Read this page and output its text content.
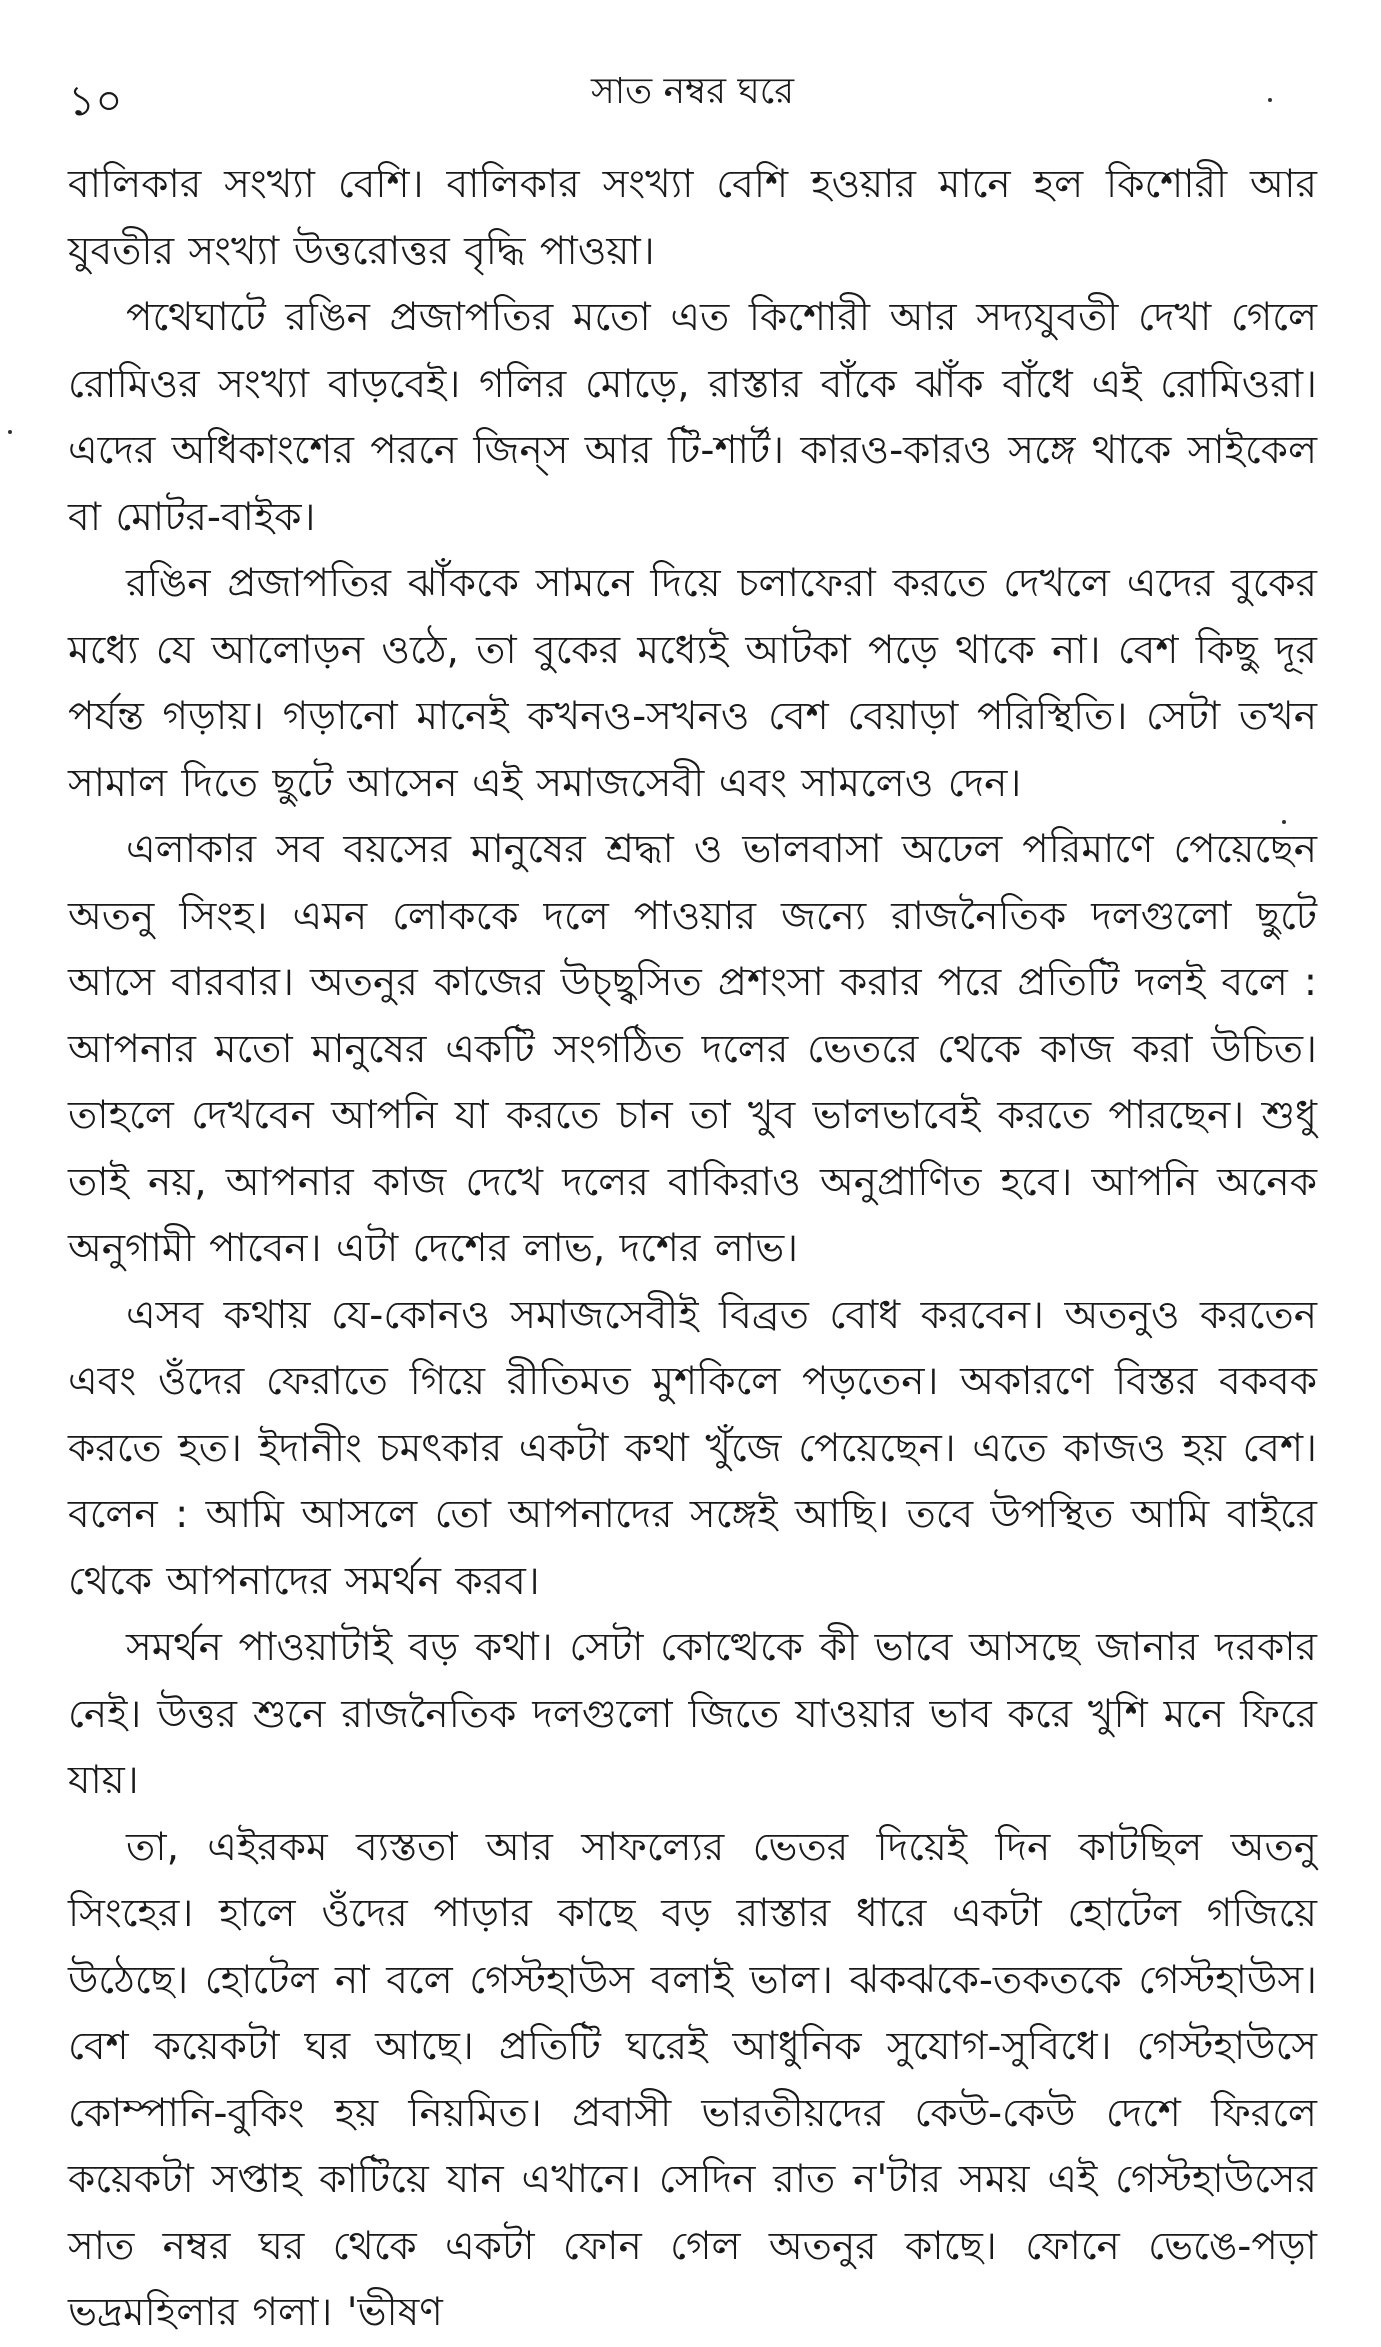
১০	সাত নম্বর ঘরে

বালিকার সংখ্যা বেশি। বালিকার সংখ্যা বেশি হওয়ার মানে হল কিশোরী আর যুবতীর সংখ্যা উত্তরোত্তর বৃদ্ধি পাওয়া।

পথেঘাটে রঙিন প্রজাপতির মতো এত কিশোরী আর সদ্যযুবতী দেখা গেলে রোমিওর সংখ্যা বাড়বেই। গলির মোড়ে, রাস্তার বাঁকে ঝাঁক বাঁধে এই রোমিওরা। এদের অধিকাংশের পরনে জিন্‌স আর টি-শার্ট। কারও-কারও সঙ্গে থাকে সাইকেল বা মোটর-বাইক।

রঙিন প্রজাপতির ঝাঁককে সামনে দিয়ে চলাফেরা করতে দেখলে এদের বুকের মধ্যে যে আলোড়ন ওঠে, তা বুকের মধ্যেই আটকা পড়ে থাকে না। বেশ কিছু দূর পর্যন্ত গড়ায়। গড়ানো মানেই কখনও-সখনও বেশ বেয়াড়া পরিস্থিতি। সেটা তখন সামাল দিতে ছুটে আসেন এই সমাজসেবী এবং সামলেও দেন।

এলাকার সব বয়সের মানুষের শ্রদ্ধা ও ভালবাসা অঢেল পরিমাণে পেয়েছেন অতনু সিংহ। এমন লোককে দলে পাওয়ার জন্যে রাজনৈতিক দলগুলো ছুটে আসে বারবার। অতনুর কাজের উচ্ছ্বসিত প্রশংসা করার পরে প্রতিটি দলই বলে : আপনার মতো মানুষের একটি সংগঠিত দলের ভেতরে থেকে কাজ করা উচিত। তাহলে দেখবেন আপনি যা করতে চান তা খুব ভালভাবেই করতে পারছেন। শুধু তাই নয়, আপনার কাজ দেখে দলের বাকিরাও অনুপ্রাণিত হবে। আপনি অনেক অনুগামী পাবেন। এটা দেশের লাভ, দশের লাভ।

এসব কথায় যে-কোনও সমাজসেবীই বিব্রত বোধ করবেন। অতনুও করতেন এবং ওঁদের ফেরাতে গিয়ে রীতিমত মুশকিলে পড়তেন। অকারণে বিস্তর বকবক করতে হত। ইদানীং চমৎকার একটা কথা খুঁজে পেয়েছেন। এতে কাজও হয় বেশ। বলেন : আমি আসলে তো আপনাদের সঙ্গেই আছি। তবে উপস্থিত আমি বাইরে থেকে আপনাদের সমর্থন করব।

সমর্থন পাওয়াটাই বড় কথা। সেটা কোত্থেকে কী ভাবে আসছে জানার দরকার নেই। উত্তর শুনে রাজনৈতিক দলগুলো জিতে যাওয়ার ভাব করে খুশি মনে ফিরে যায়।

তা, এইরকম ব্যস্ততা আর সাফল্যের ভেতর দিয়েই দিন কাটছিল অতনু সিংহের। হালে ওঁদের পাড়ার কাছে বড় রাস্তার ধারে একটা হোটেল গজিয়ে উঠেছে। হোটেল না বলে গেস্টহাউস বলাই ভাল। ঝকঝকে-তকতকে গেস্টহাউস। বেশ কয়েকটা ঘর আছে। প্রতিটি ঘরেই আধুনিক সুযোগ-সুবিধে। গেস্টহাউসে কোম্পানি-বুকিং হয় নিয়মিত। প্রবাসী ভারতীয়দের কেউ-কেউ দেশে ফিরলে কয়েকটা সপ্তাহ কাটিয়ে যান এখানে। সেদিন রাত ন'টার সময় এই গেস্টহাউসের সাত নম্বর ঘর থেকে একটা ফোন গেল অতনুর কাছে। ফোনে ভেঙে-পড়া ভদ্রমহিলার গলা। 'ভীষণ
